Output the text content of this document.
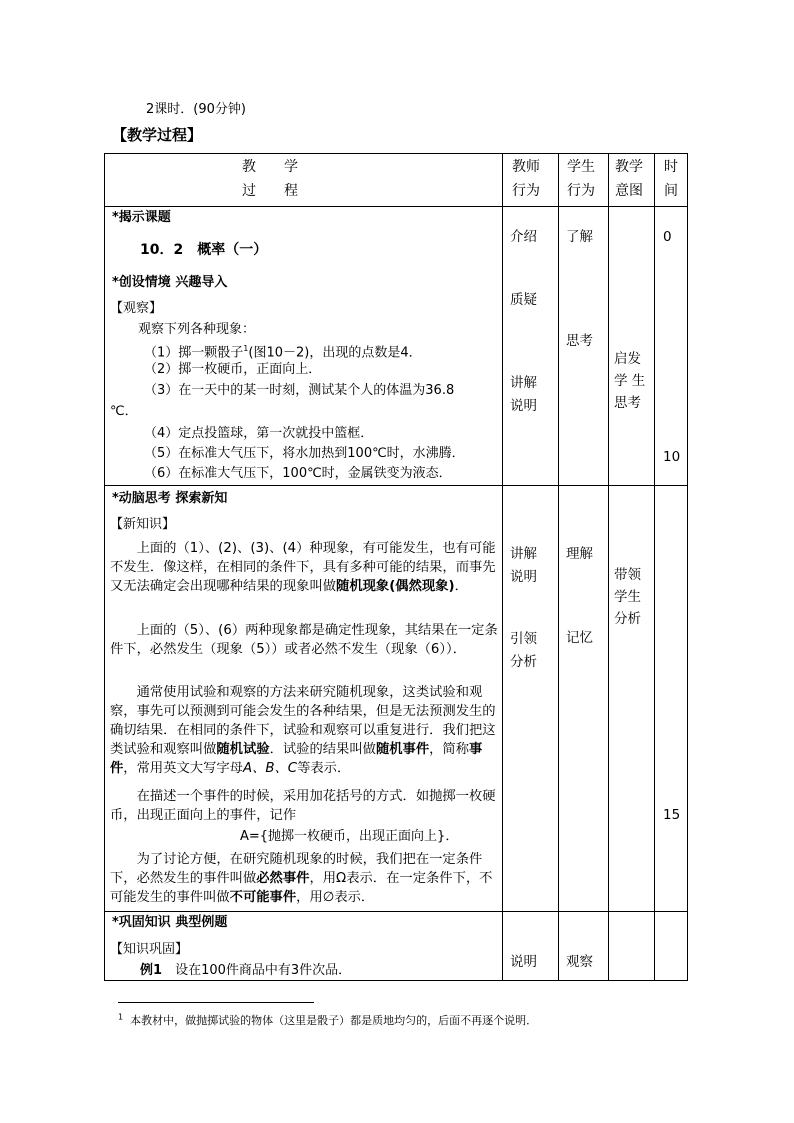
2课时．(90分钟)
【教学过程】
教　　学
过　　程
教师
行为
学生
行为
教学
意图
时
间
*揭示课题
10．2　概率（一）
*创设情境 兴趣导入
【观察】
观察下列各种现象：
（1）掷一颗骰子$^1$(图10－2)，出现的点数是4．
（2）掷一枚硬币，正面向上．
（3）在一天中的某一时刻，测试某个人的体温为36.8
℃．
（4）定点投篮球，第一次就投中篮框．
（5）在标准大气压下，将水加热到100℃时，水沸腾．
（6）在标准大气压下，100℃时，金属铁变为液态．
介绍
质疑
讲解
说明
了解
思考
启发
学 生
思考
0
10
*动脑思考 探索新知
【新知识】

上面的（1）、(2)、(3)、(4）种现象，有可能发生，也有可能不发生．像这样，在相同的条件下，具有多种可能的结果，而事先又无法确定会出现哪种结果的现象叫做随机现象(偶然现象)．

上面的（5）、(6）两种现象都是确定性现象，其结果在一定条件下，必然发生（现象（5））或者必然不发生（现象（6））．

通常使用试验和观察的方法来研究随机现象，这类试验和观察，事先可以预测到可能会发生的各种结果，但是无法预测发生的确切结果．在相同的条件下，试验和观察可以重复进行．我们把这类试验和观察叫做随机试验．试验的结果叫做随机事件，简称事件，常用英文大写字母A、B、C等表示．

在描述一个事件的时候，采用加花括号的方式．如抛掷一枚硬币，出现正面向上的事件，记作

A={抛掷一枚硬币，出现正面向上}．

为了讨论方便，在研究随机现象的时候，我们把在一定条件下，必然发生的事件叫做必然事件，用Ω表示．在一定条件下，不可能发生的事件叫做不可能事件，用∅表示．

讲解
说明
引领
分析
理解
记忆
带领
学生
分析
15
*巩固知识 典型例题
【知识巩固】
例1　 设在100件商品中有3件次品．
说明 观察
$^1$ 本教材中，做抛掷试验的物体（这里是骰子）都是质地均匀的，后面不再逐个说明．
